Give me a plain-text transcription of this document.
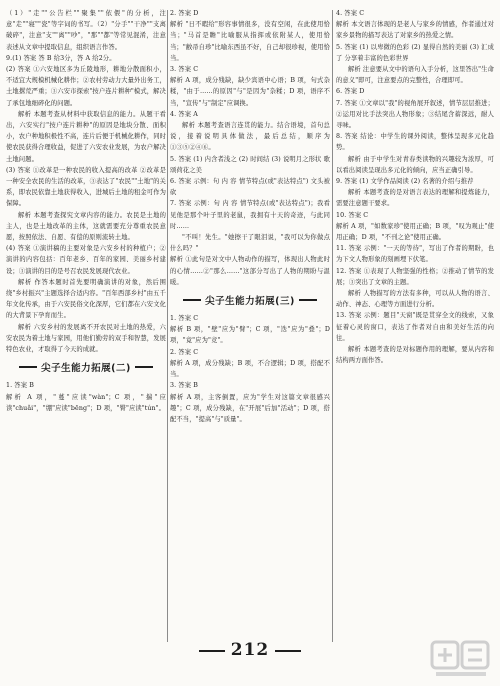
（1）"走""公告栏""聚集""依偎"的分析，注意"走""寝""瓷"等字词的书写。（2）"分手""干净""支离破碎"，注意"支""离""吵"，"那""都"等常见混淆，注意表述从文章中提取信息，组织语言作答。

9.(1) 答案 答 B 给3分，答 A 给2分。

(2) 答案 ①六安地区多为丘陵地形，耕地分散面积小，不适宜大规模机械化耕作；②农村劳动力大量外出务工，土地撂荒严重；③六安市探索"按户连片耕种"模式，解决了承包地细碎化的问题。

解析 本题考查从材料中获取信息的能力。从题干看出，六安实行"按户连片耕种"的原因是地块分散、面积小，农户种地积极性不高，连片后便于机械化耕作，同时使农民获得合理收益，促进了六安农业发展，为农户解决土地问题。

(3) 答案 ①改革是一种农民的收入提高的改革 ②改革是一种安全农民的生活的改革，③表达了"农民""土地"的关系，即农民依靠土地获得收入，进城后土地的租金可作为保障。

解析 本题考查探究文章内容的能力。农民是土地的主人，也是土地改革的主体，这就需要充分尊重农民意愿，按照依法、自愿、有偿的原则流转土地。

(4) 答案 ①演讲稿的主要对象是六安乡村的种植户；②演讲的内容包括：百年老乡、百年的家园、美丽乡村建设；③演讲的目的是号召农民发展现代农业。

解析 作答本题时首先要明确演讲的对象，然后围绕"乡村振兴"主题选择合适内容。"百年西部乡村"由五千年文化传承，由于六安民俗文化深厚，它们都在六安文化的大背景下孕育而生。

解析 六安乡村的发展离不开农民对土地的热爱，六安农民为着土地与家园，用他们勤劳的双手和智慧，发展特色农业，才取得了今天的成就。

尖子生能力拓展(二)

1. 答案 B

解析 A 项，"蔓"应读"wàn"；C 项，"揣"应读"chuǎi"，"绷"应读"bēng"；D 项，"臀"应读"tún"。

2. 答案 D

解析 "日不暇给"形容事情很多，没有空闲，在此使用恰当；"马首是瞻"比喻服从指挥或依附某人，使用恰当；"敝帚自珍"比喻东西虽不好，自己却很珍视，使用恰当。

3. 答案 C

解析 A 项，成分残缺，缺少宾语中心语；B 项，句式杂糅，"由于……的原因"与"是因为"杂糅；D 项，语序不当，"宣传"与"制定"应调换。

4. 答案 A

解析 本题考查语言连贯的能力。结合语境，首句总说，接着说明具体做法，最后总结，顺序为①③⑤②④⑥。

5. 答案 (1) 内含者浅之 (2) 时间结 (3) 说明月之形状 歌颂荷花之美

6. 答案 示例：句 内 容 情节特点(或"表达特点") 文头被砍

7. 答案 示例：句 内 容 情节特点(或"表达特点")；我看见他是那个叶子里的老鼠，我拥有十天的奇迹，与此同时……

"不叫！先生。"她擦干了眼泪说，"我可以为你做点什么吗？"

解析 ①此句是对文中人物动作的描写，体现出人物此时的心情……②"那么……"这部分写出了人物的期盼与温暖。

尖子生能力拓展(三)

1. 答案 C

解析 B 项，"壁"应为"臂"；C 项，"迭"应为"叠"；D 项，"竟"应为"竞"。

2. 答案 C

解析 A 项，成分残缺；B 项，不合逻辑；D 项，搭配不当。

3. 答案 B

解析 A 项，主客倒置，应为"学生对这篇文章很感兴趣"；C 项，成分残缺，在"开展"后加"活动"；D 项，搭配不当，"提高"与"质量"。

4. 答案 C

解析 本文语言体现的是老人与家乡的情感，作者通过对家乡景物的描写表达了对家乡的热爱之情。

5. 答案 (1) 以卑微的色彩 (2) 显得自然的美丽 (3) 汇成了 分享着丰富的色彩世界

解析 注意要从文中的语句入手分析，这里答出"生命的意义"即可，注意要点的完整性，合理即可。

6. 答案 D

7. 答案 ①文章以"我"的视角展开叙述，情节层层推进；②运用对比手法突出人物形象；③结尾含蓄深远，耐人寻味。

8. 答案 结论：中学生的课外阅读，整体呈现多元化趋势。

解析 由于中学生对青春类读物的兴趣较为浓厚，可以看出阅读呈现出多元化的倾向，应当正确引导。

9. 答案 (1) 文学作品阅读 (2) 名著的介绍与推荐

解析 本题考查的是对语言表达的理解和提炼能力，需要注意题干要求。

10. 答案 C

解析 A 项，"如数家珍"使用正确；B 项，"叹为观止"使用正确；D 项，"不刊之论"使用正确。

11. 答案 示例："一天的等待"，写出了作者的期盼，也为下文人物形象的刻画埋下伏笔。

12. 答案 ①表现了人物坚强的性格；②推动了情节的发展；③突出了文章的主题。

解析 人物描写的方法有多种，可以从人物的语言、动作、神态、心理等方面进行分析。

13. 答案 示例：题目"天窗"既是贯穿全文的线索，又象征着心灵的窗口，表达了作者对自由和美好生活的向往。

解析 本题考查的是对标题作用的理解，要从内容和结构两方面作答。

212
